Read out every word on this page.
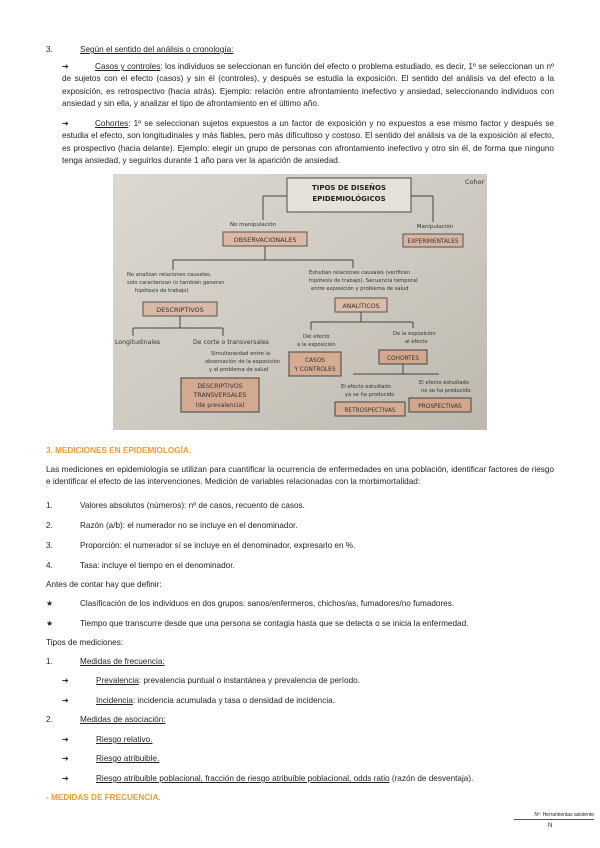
3.	Según el sentido del análisis o cronología:
➔	Casos y controles: los individuos se seleccionan en función del efecto o problema estudiado, es decir, 1º se seleccionan un nº de sujetos con el efecto (casos) y sin él (controles), y después se estudia la exposición. El sentido del análisis va del efecto a la exposición, es retrospectivo (hacia atrás). Ejemplo: relación entre afrontamiento inefectivo y ansiedad, seleccionando individuos con ansiedad y sin ella, y analizar el tipo de afrontamiento en el último año.
➔	Cohortes: 1º se seleccionan sujetos expuestos a un factor de exposición y no expuestos a ese mismo factor y después se estudia el efecto, son longitudinales y más fiables, pero más difícultoso y costoso. El sentido del análisis va de la exposición al efecto, es prospectivo (hacia delante). Ejemplo: elegir un grupo de personas con afrontamiento inefectivo y otro sin él, de forma que ninguno tenga ansiedad, y seguirlos durante 1 año para ver la aparición de ansiedad.
TIPOS DE DISEÑOS
EPIDEMIOLÓGICOS
Cohor
No manipulación	Manipulación
OBSERVACIONALES	EXPERIMENTALES
No analizan relaciones causales,
solo caracterizan (o también generan
hipótesis de trabajo)
Estudian relaciones causales (verifican
hipótesis de trabajo). Secuencia temporal
entre exposición y problema de salud
DESCRIPTIVOS	ANALÍTICOS
Longitudinales	De corte o transversales
Simultaneidad entre la
observación de la exposición
y el problema de salud
DESCRIPTIVOS
TRANSVERSALES
(de prevalencia)
Del efecto
a la exposición
De la exposición
al efecto
CASOS
Y CONTROLES
COHORTES
El efecto estudiado
ya se ha producido
El efecto estudiado
no se ha producido
RETROSPECTIVAS
PROSPECTIVAS
3. MEDICIONES EN EPIDEMIOLOGÍA.
Las mediciones en epidemiología se utilizan para cuantificar la ocurrencia de enfermedades en una población, identificar factores de riesgo e identificar el efecto de las intervenciones. Medición de variables relacionadas con la morbimortalidad:
1.	Valores absolutos (números): nº de casos, recuento de casos.
2.	Razón (a/b): el numerador no se incluye en el denominador.
3.	Proporción: el numerador sí se incluye en el denominador, expresarlo en %.
4.	Tasa: incluye el tiempo en el denominador.
Antes de contar hay que definir:
★	Clasificación de los individuos en dos grupos: sanos/enfermeros, chichos/as, fumadores/no fumadores.
★	Tiempo que transcurre desde que una persona se contagia hasta que se detecta o se inicia la enfermedad.
Tipos de mediciones:
1.	Medidas de frecuencia:
➔	Prevalencia: prevalencia puntual o instantánea y prevalencia de período.
➔	Incidencia: incidencia acumulada y tasa o densidad de incidencia.
2.	Medidas de asociación:
➔	Riesgo relativo.
➔	Riesgo atribuible.
➔	Riesgo atribuible poblacional, fracción de riesgo atribuible poblacional, odds ratio (razón de desventaja).
- MEDIDAS DE FRECUENCIA.
Nº: Herramientas asistente
N
